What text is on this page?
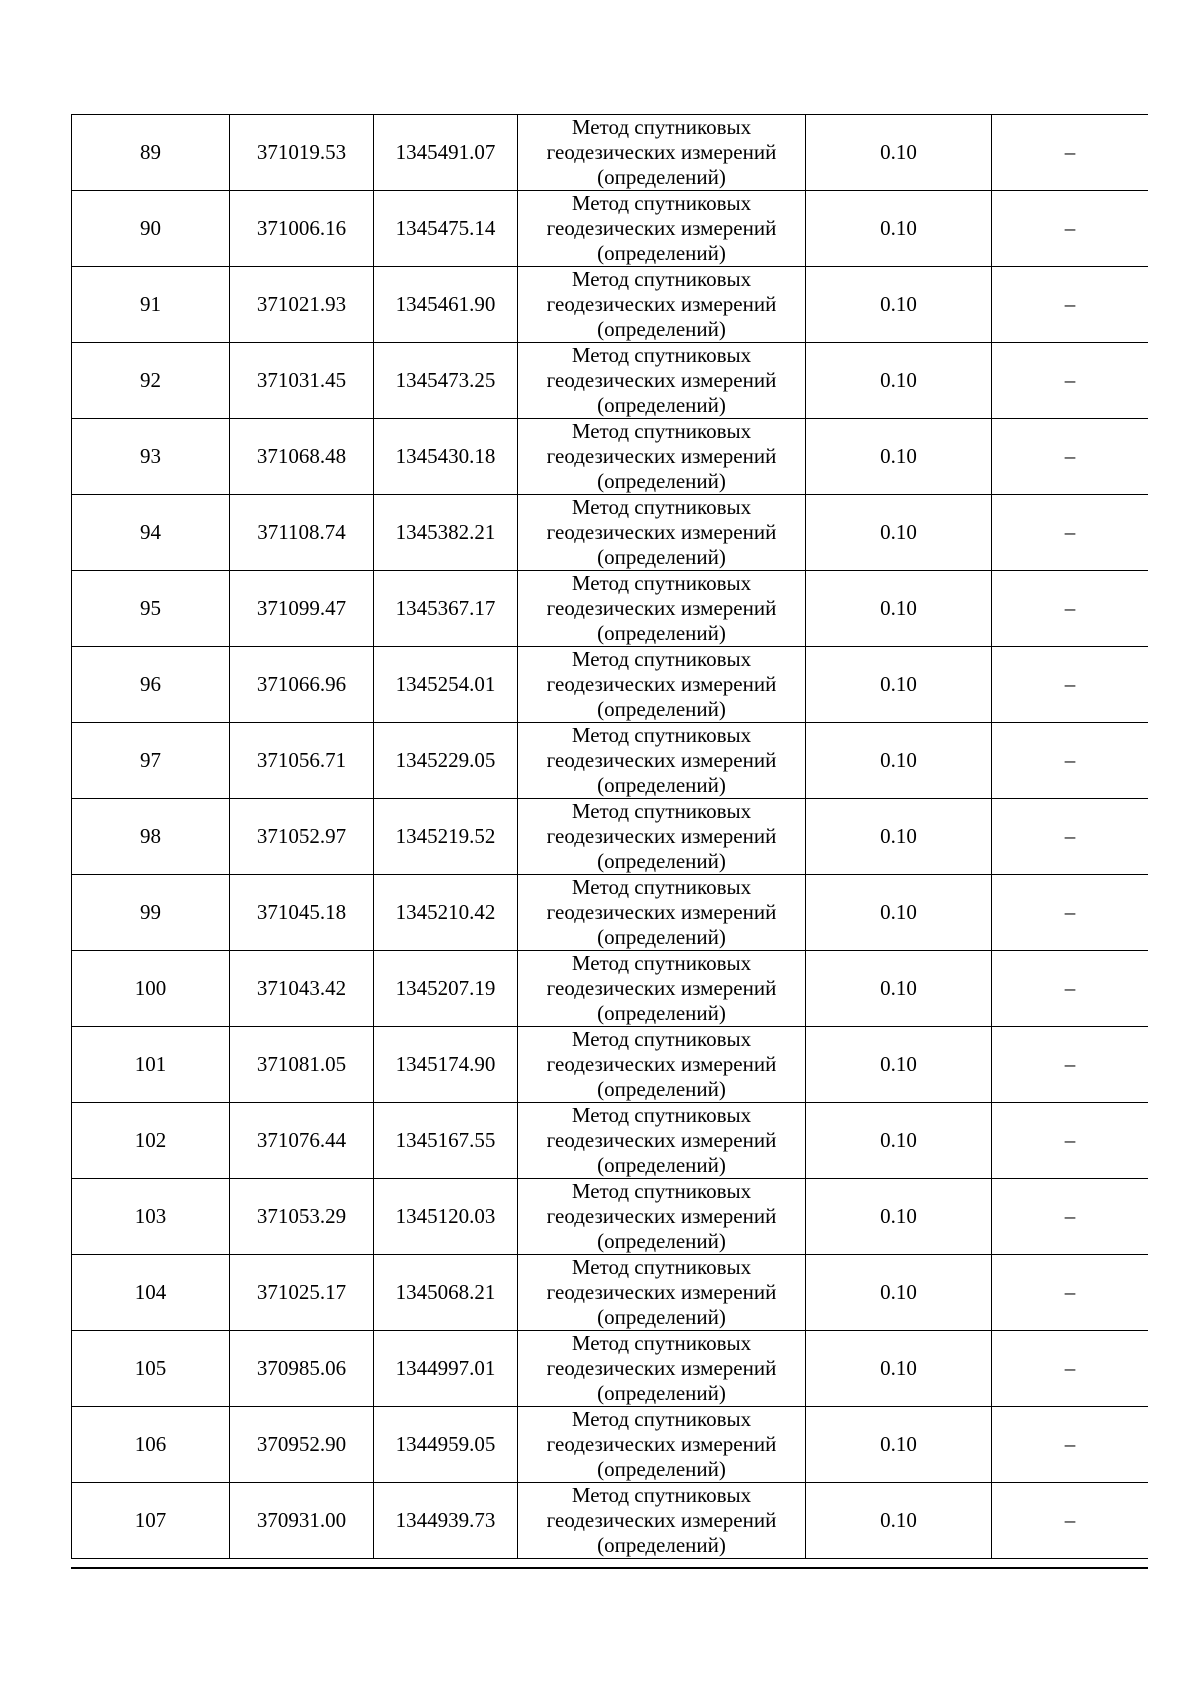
89	371019.53	1345491.07	Метод спутниковых
геодезических измерений
(определений)	0.10	–
90	371006.16	1345475.14	Метод спутниковых
геодезических измерений
(определений)	0.10	–
91	371021.93	1345461.90	Метод спутниковых
геодезических измерений
(определений)	0.10	–
92	371031.45	1345473.25	Метод спутниковых
геодезических измерений
(определений)	0.10	–
93	371068.48	1345430.18	Метод спутниковых
геодезических измерений
(определений)	0.10	–
94	371108.74	1345382.21	Метод спутниковых
геодезических измерений
(определений)	0.10	–
95	371099.47	1345367.17	Метод спутниковых
геодезических измерений
(определений)	0.10	–
96	371066.96	1345254.01	Метод спутниковых
геодезических измерений
(определений)	0.10	–
97	371056.71	1345229.05	Метод спутниковых
геодезических измерений
(определений)	0.10	–
98	371052.97	1345219.52	Метод спутниковых
геодезических измерений
(определений)	0.10	–
99	371045.18	1345210.42	Метод спутниковых
геодезических измерений
(определений)	0.10	–
100	371043.42	1345207.19	Метод спутниковых
геодезических измерений
(определений)	0.10	–
101	371081.05	1345174.90	Метод спутниковых
геодезических измерений
(определений)	0.10	–
102	371076.44	1345167.55	Метод спутниковых
геодезических измерений
(определений)	0.10	–
103	371053.29	1345120.03	Метод спутниковых
геодезических измерений
(определений)	0.10	–
104	371025.17	1345068.21	Метод спутниковых
геодезических измерений
(определений)	0.10	–
105	370985.06	1344997.01	Метод спутниковых
геодезических измерений
(определений)	0.10	–
106	370952.90	1344959.05	Метод спутниковых
геодезических измерений
(определений)	0.10	–
107	370931.00	1344939.73	Метод спутниковых
геодезических измерений
(определений)	0.10	–
